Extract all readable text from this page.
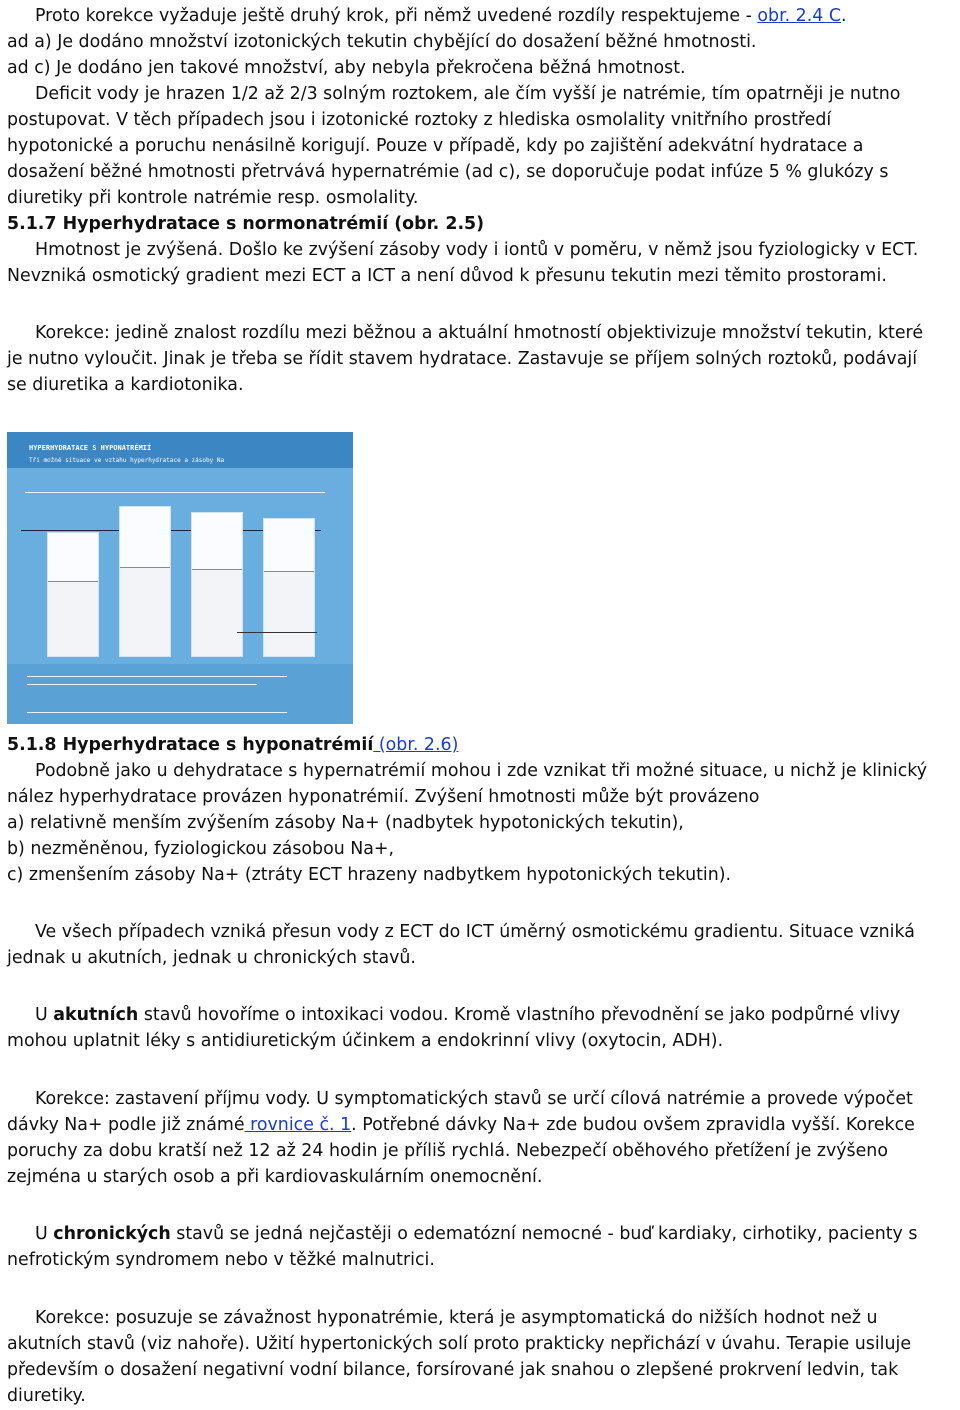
Proto korekce vyžaduje ještě druhý krok, při němž uvedené rozdíly respektujeme - obr. 2.4 C.
ad a) Je dodáno množství izotonických tekutin chybějící do dosažení běžné hmotnosti.
ad c) Je dodáno jen takové množství, aby nebyla překročena běžná hmotnost.
Deficit vody je hrazen 1/2 až 2/3 solným roztokem, ale čím vyšší je natrémie, tím opatrněji je nutno
postupovat. V těch případech jsou i izotonické roztoky z hlediska osmolality vnitřního prostředí
hypotonické a poruchu nenásilně korigují. Pouze v případě, kdy po zajištění adekvátní hydratace a
dosažení běžné hmotnosti přetrvává hypernatrémie (ad c), se doporučuje podat infúze 5 % glukózy s
diuretiky při kontrole natrémie resp. osmolality.
5.1.7 Hyperhydratace s normonatrémií (obr. 2.5)
Hmotnost je zvýšená. Došlo ke zvýšení zásoby vody i iontů v poměru, v němž jsou fyziologicky v ECT.
Nevzniká osmotický gradient mezi ECT a ICT a není důvod k přesunu tekutin mezi těmito prostorami.
Korekce: jedině znalost rozdílu mezi běžnou a aktuální hmotností objektivizuje množství tekutin, které
je nutno vyloučit. Jinak je třeba se řídit stavem hydratace. Zastavuje se příjem solných roztoků, podávají
se diuretika a kardiotonika.
HYPERHYDRATACE S HYPONATRÉMIÍ
Tři možné situace ve vztahu hyperhydratace a zásoby Na
5.1.8 Hyperhydratace s hyponatrémií (obr. 2.6)
Podobně jako u dehydratace s hypernatrémií mohou i zde vznikat tři možné situace, u nichž je klinický
nález hyperhydratace provázen hyponatrémií. Zvýšení hmotnosti může být provázeno
a) relativně menším zvýšením zásoby Na+ (nadbytek hypotonických tekutin),
b) nezměněnou, fyziologickou zásobou Na+,
c) zmenšením zásoby Na+ (ztráty ECT hrazeny nadbytkem hypotonických tekutin).
Ve všech případech vzniká přesun vody z ECT do ICT úměrný osmotickému gradientu. Situace vzniká
jednak u akutních, jednak u chronických stavů.
U akutních stavů hovoříme o intoxikaci vodou. Kromě vlastního převodnění se jako podpůrné vlivy
mohou uplatnit léky s antidiuretickým účinkem a endokrinní vlivy (oxytocin, ADH).
Korekce: zastavení příjmu vody. U symptomatických stavů se určí cílová natrémie a provede výpočet
dávky Na+ podle již známé rovnice č. 1. Potřebné dávky Na+ zde budou ovšem zpravidla vyšší. Korekce
poruchy za dobu kratší než 12 až 24 hodin je příliš rychlá. Nebezpečí oběhového přetížení je zvýšeno
zejména u starých osob a při kardiovaskulárním onemocnění.
U chronických stavů se jedná nejčastěji o edematózní nemocné - buď kardiaky, cirhotiky, pacienty s
nefrotickým syndromem nebo v těžké malnutrici.
Korekce: posuzuje se závažnost hyponatrémie, která je asymptomatická do nižších hodnot než u
akutních stavů (viz nahoře). Užití hypertonických solí proto prakticky nepřichází v úvahu. Terapie usiluje
především o dosažení negativní vodní bilance, forsírované jak snahou o zlepšené prokrvení ledvin, tak
diuretiky.
